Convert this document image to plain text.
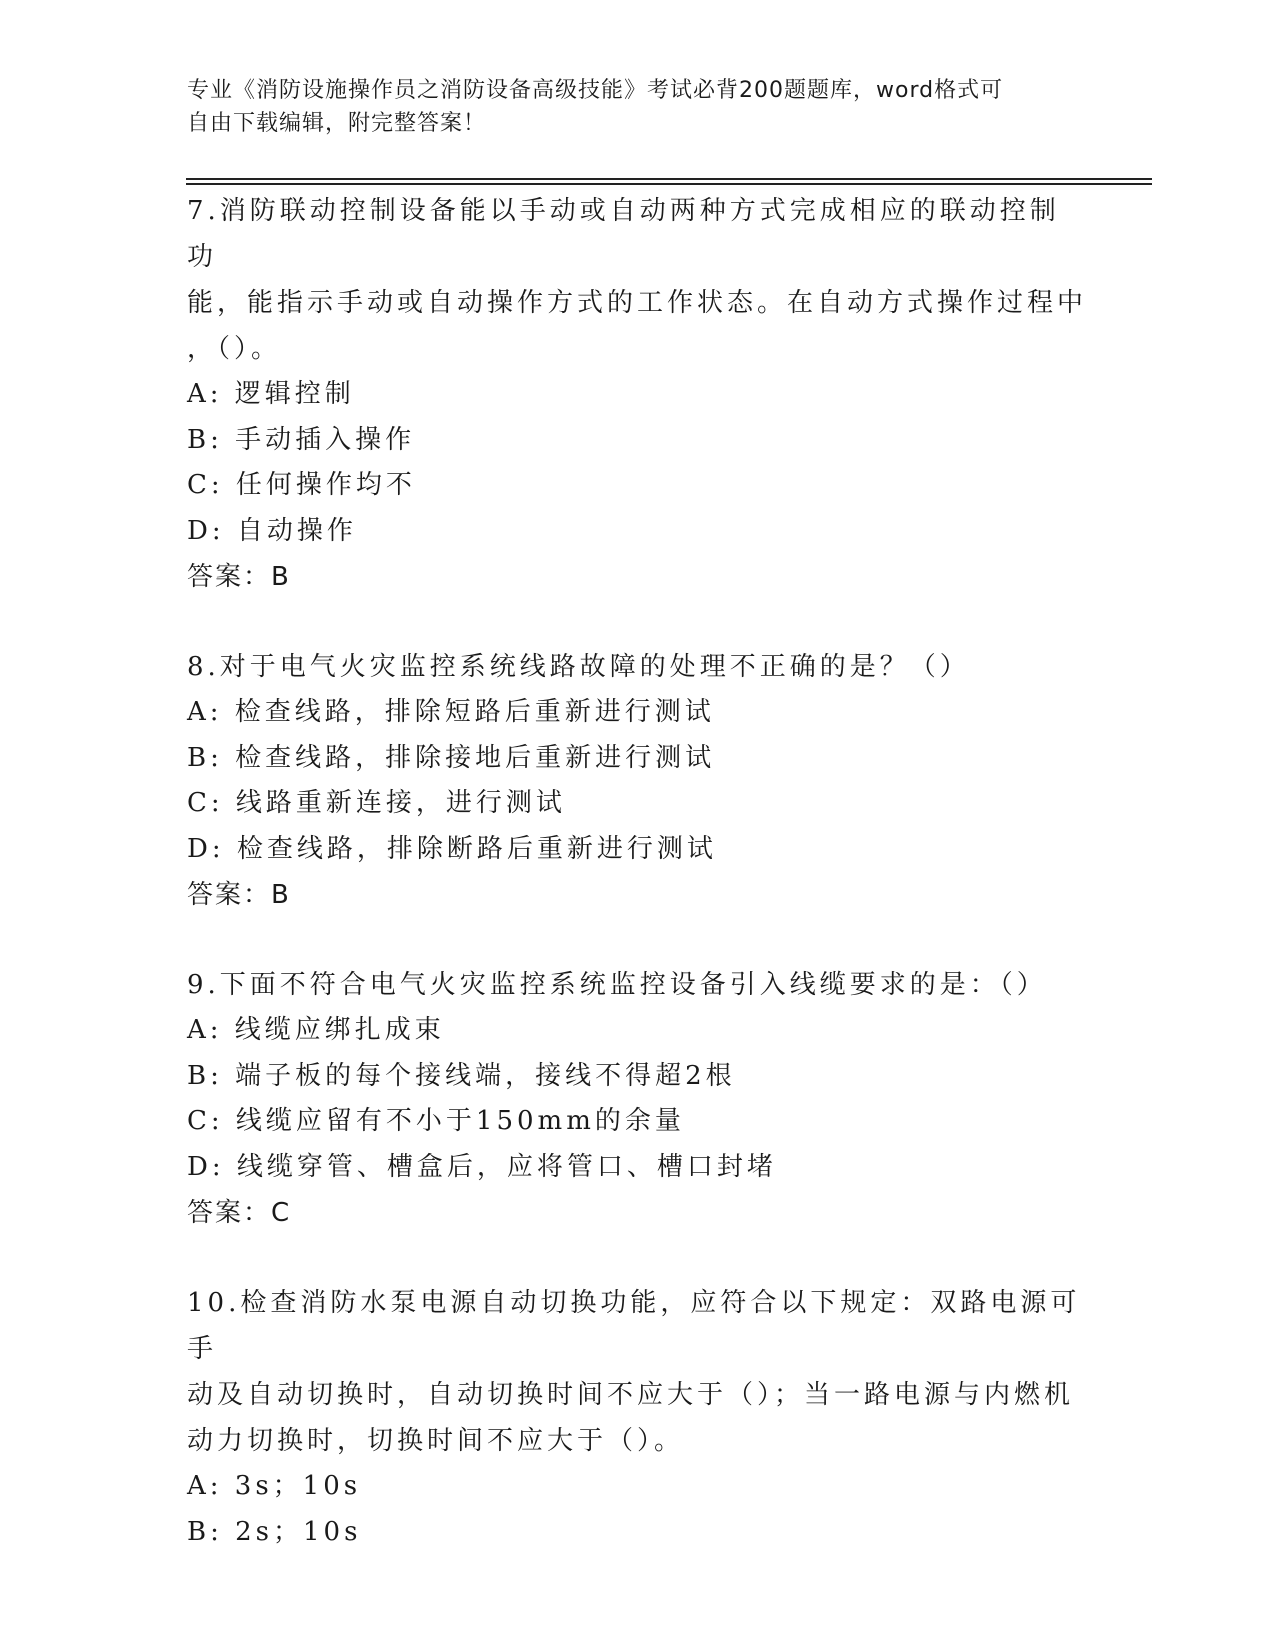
专业《消防设施操作员之消防设备高级技能》考试必背200题题库，word格式可
自由下载编辑，附完整答案！

7.消防联动控制设备能以手动或自动两种方式完成相应的联动控制功

能，能指示手动或自动操作方式的工作状态。在自动方式操作过程中

，（）。

A: 逻辑控制

B: 手动插入操作

C: 任何操作均不

D: 自动操作

答案：B

8.对于电气火灾监控系统线路故障的处理不正确的是？（）

A: 检查线路，排除短路后重新进行测试

B: 检查线路，排除接地后重新进行测试

C: 线路重新连接，进行测试

D: 检查线路，排除断路后重新进行测试

答案：B

9.下面不符合电气火灾监控系统监控设备引入线缆要求的是：（）

A: 线缆应绑扎成束

B: 端子板的每个接线端，接线不得超2根

C: 线缆应留有不小于150mm的余量

D: 线缆穿管、槽盒后，应将管口、槽口封堵

答案：C

10.检查消防水泵电源自动切换功能，应符合以下规定：双路电源可手

动及自动切换时，自动切换时间不应大于（）；当一路电源与内燃机

动力切换时，切换时间不应大于（）。

A: 3s；10s

B: 2s；10s
